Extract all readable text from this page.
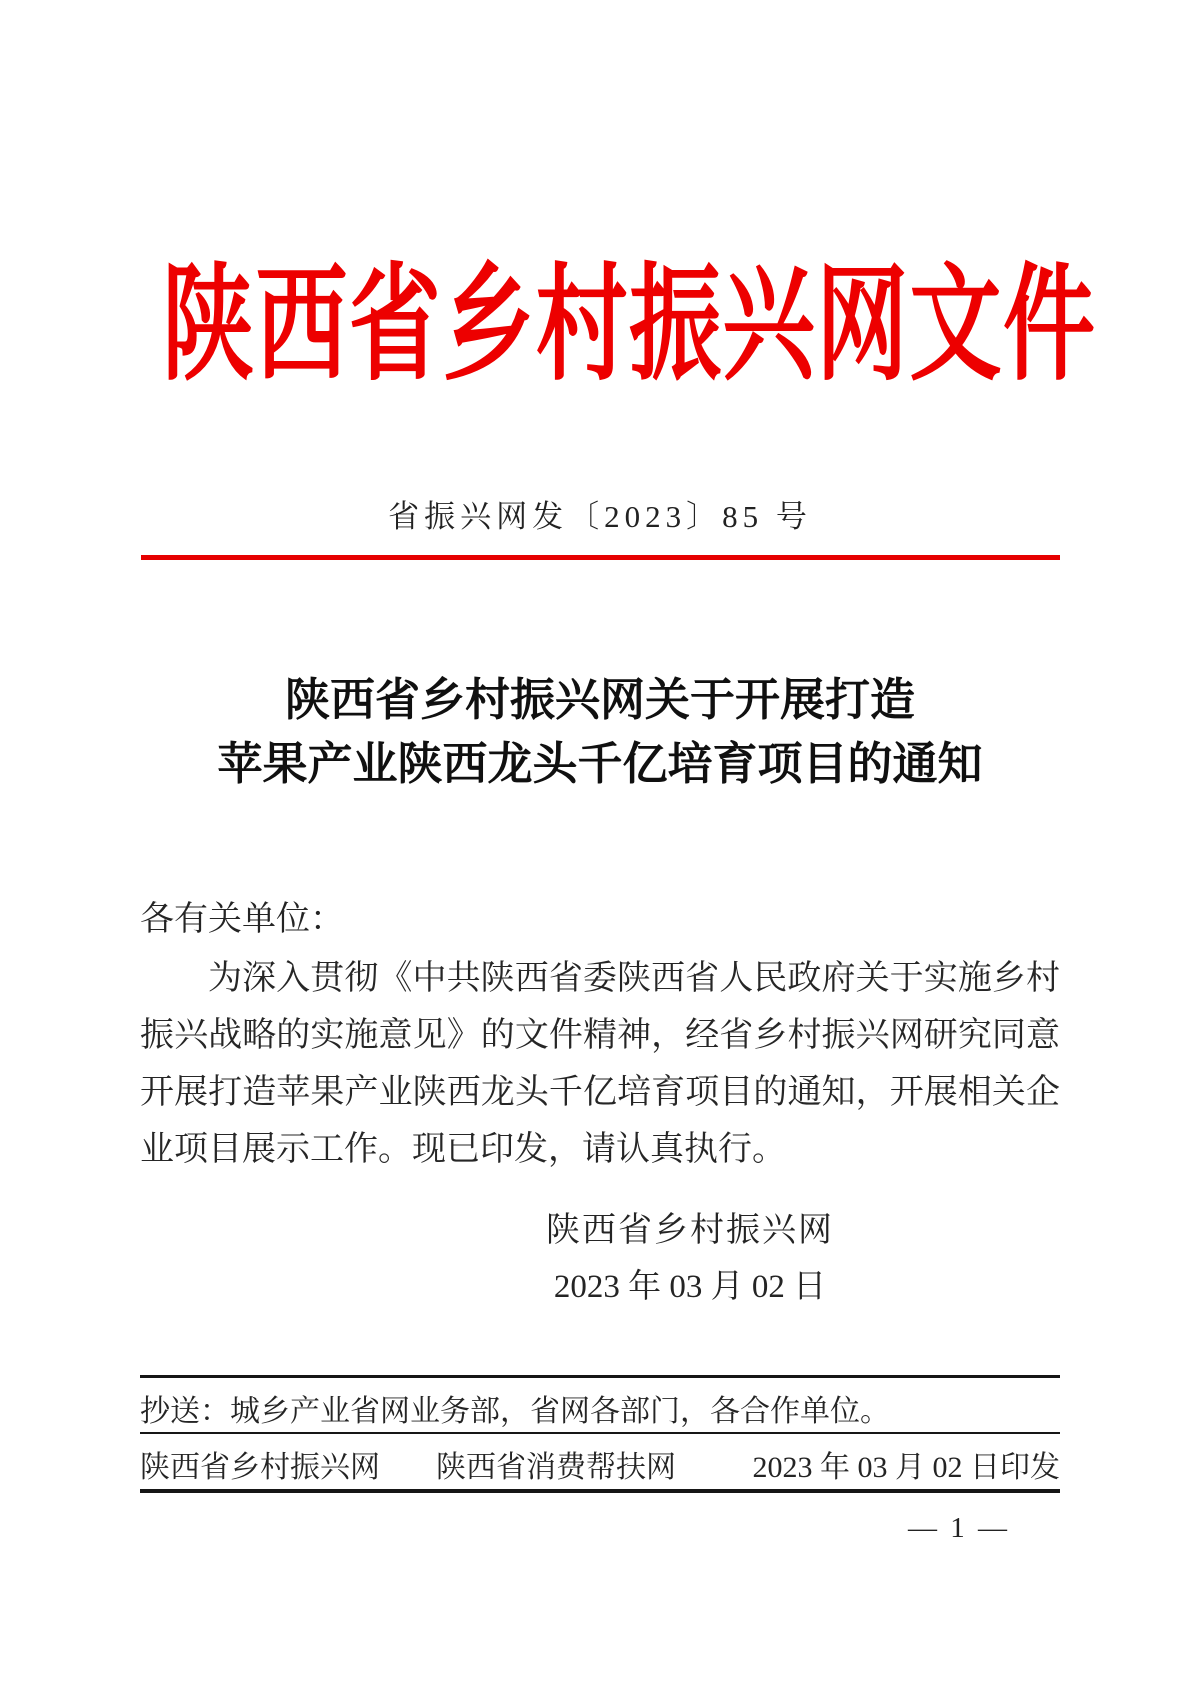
陕西省乡村振兴网文件
省振兴网发〔2023〕85 号
陕西省乡村振兴网关于开展打造
苹果产业陕西龙头千亿培育项目的通知
各有关单位：

为深入贯彻《中共陕西省委陕西省人民政府关于实施乡村振兴战略的实施意见》的文件精神，经省乡村振兴网研究同意开展打造苹果产业陕西龙头千亿培育项目的通知，开展相关企业项目展示工作。现已印发，请认真执行。

陕西省乡村振兴网
2023 年 03 月 02 日
抄送：城乡产业省网业务部，省网各部门，各合作单位。
陕西省乡村振兴网 陕西省消费帮扶网	2023 年 03 月 02 日印发
— 1 —
